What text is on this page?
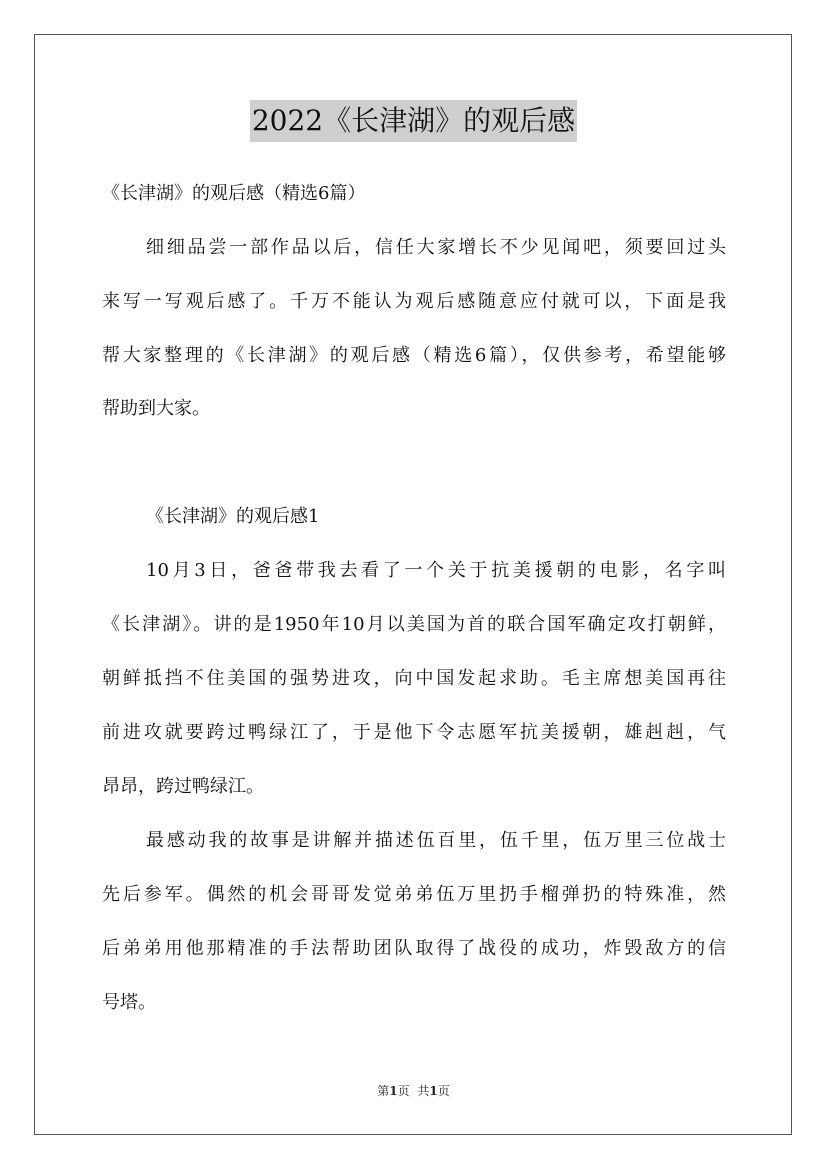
2022《长津湖》的观后感
《长津湖》的观后感（精选6篇）
细细品尝一部作品以后，信任大家增长不少见闻吧，须要回过头
来写一写观后感了。千万不能认为观后感随意应付就可以，下面是我
帮大家整理的《长津湖》的观后感（精选6篇），仅供参考，希望能够
帮助到大家。
《长津湖》的观后感1
10月3日，爸爸带我去看了一个关于抗美援朝的电影，名字叫
《长津湖》。讲的是1950年10月以美国为首的联合国军确定攻打朝鲜，
朝鲜抵挡不住美国的强势进攻，向中国发起求助。毛主席想美国再往
前进攻就要跨过鸭绿江了，于是他下令志愿军抗美援朝，雄赳赳，气
昂昂，跨过鸭绿江。
最感动我的故事是讲解并描述伍百里，伍千里，伍万里三位战士
先后参军。偶然的机会哥哥发觉弟弟伍万里扔手榴弹扔的特殊准，然
后弟弟用他那精准的手法帮助团队取得了战役的成功，炸毁敌方的信
号塔。
第1页 共1页
